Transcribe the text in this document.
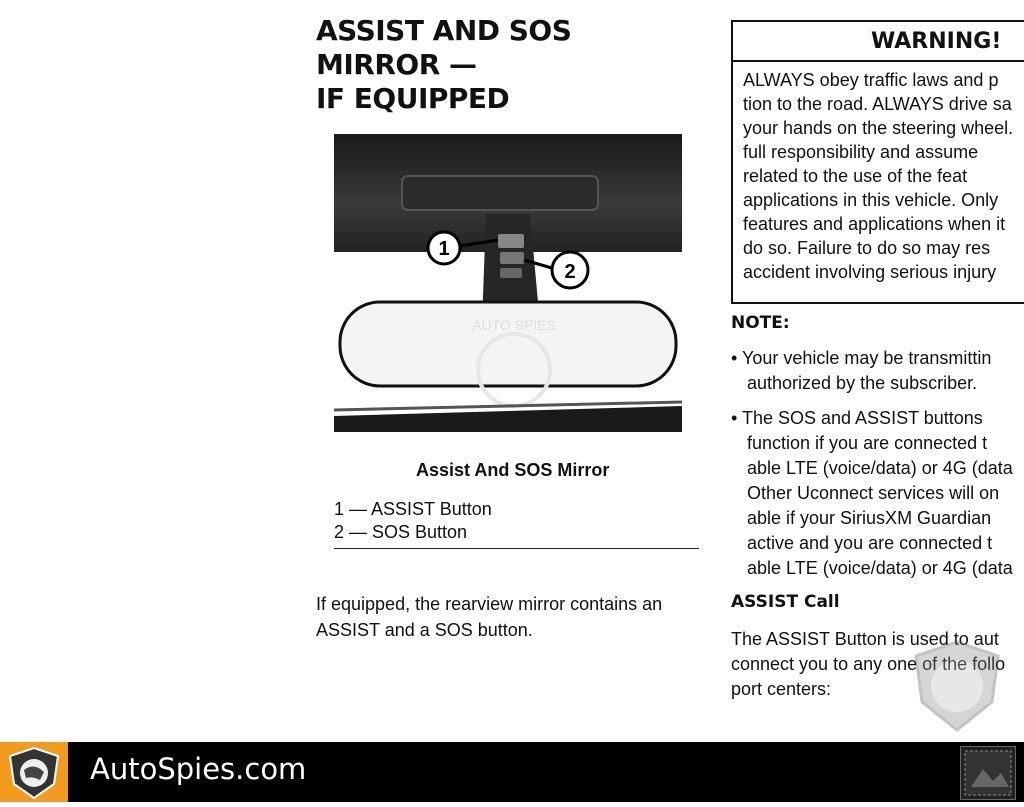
ASSIST AND SOS MIRROR —
IF EQUIPPED
1
2
AUTO SPIES
Assist And SOS Mirror
1 — ASSIST Button
2 — SOS Button
If equipped, the rearview mirror contains an
ASSIST and a SOS button.
WARNING!
ALWAYS obey traffic laws and p
tion to the road. ALWAYS drive sa
your hands on the steering wheel.
full responsibility and assume
related to the use of the feat
applications in this vehicle. Only
features and applications when it
do so. Failure to do so may res
accident involving serious injury
NOTE:
• Your vehicle may be transmittin
authorized by the subscriber.
• The SOS and ASSIST buttons
function if you are connected t
able LTE (voice/data) or 4G (data
Other Uconnect services will on
able if your SiriusXM Guardian
active and you are connected t
able LTE (voice/data) or 4G (data
ASSIST Call
The ASSIST Button is used to aut
connect you to any one of the follo
port centers:
AutoSpies.com
